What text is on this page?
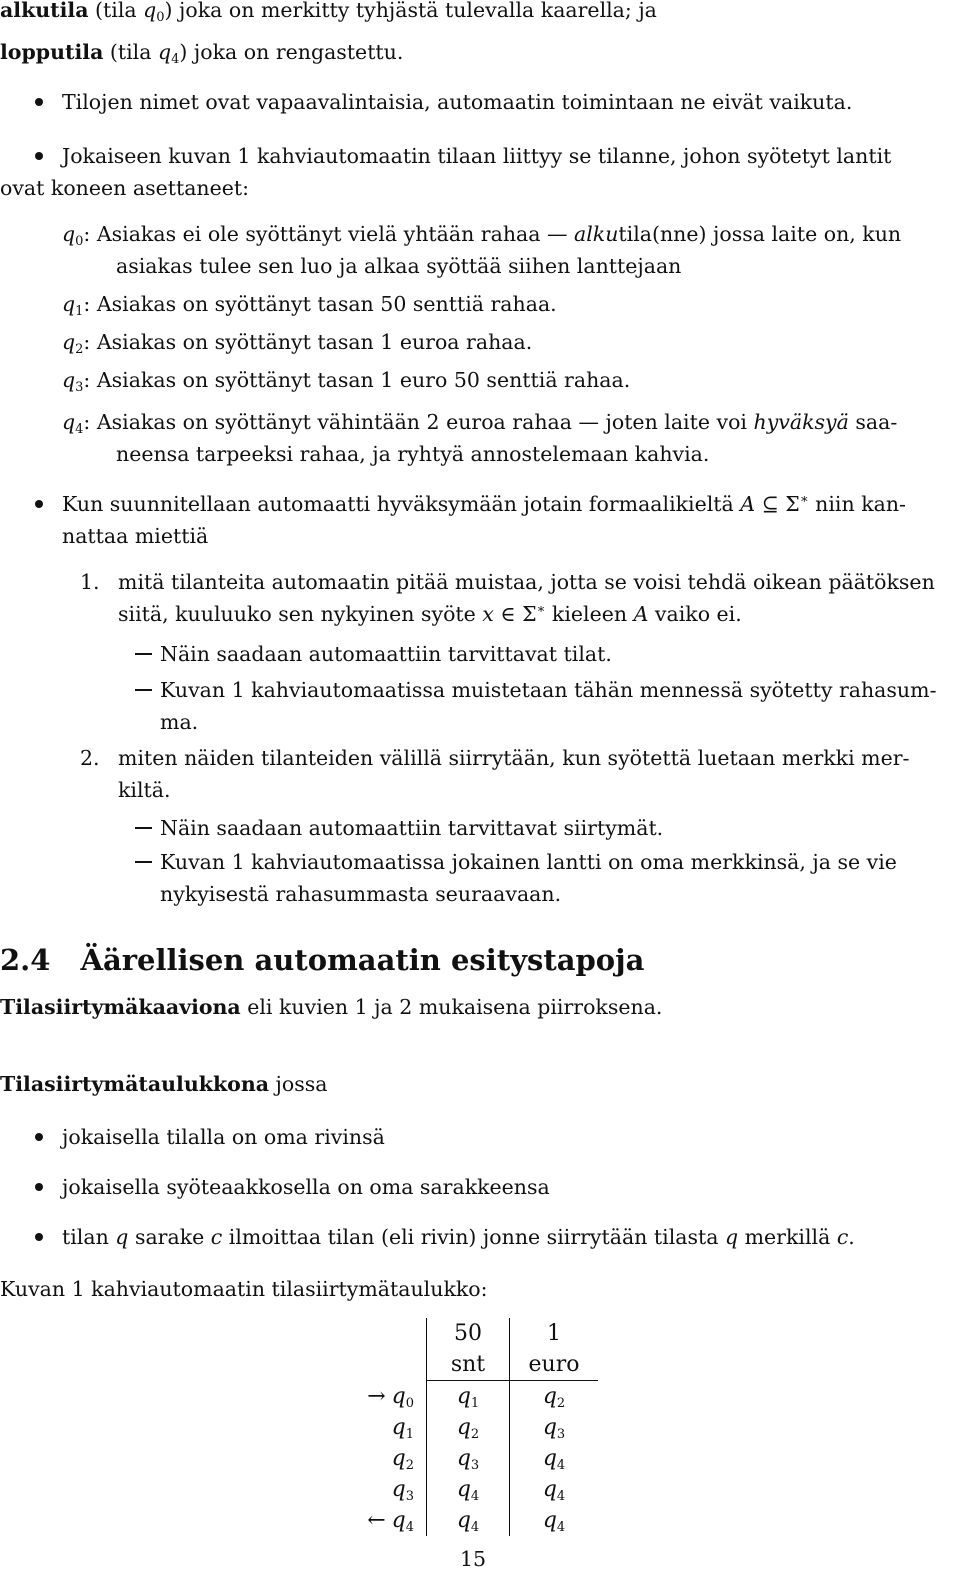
alkutila (tila $q_0$) joka on merkitty tyhjästä tulevalla kaarella; ja
lopputila (tila $q_4$) joka on rengastettu.
Tilojen nimet ovat vapaavalintaisia, automaatin toimintaan ne eivät vaikuta.
Jokaiseen kuvan 1 kahviautomaatin tilaan liittyy se tilanne, johon syötetyt lantit
ovat koneen asettaneet:
$q_0$: Asiakas ei ole syöttänyt vielä yhtään rahaa — alkutila(nne) jossa laite on, kun
asiakas tulee sen luo ja alkaa syöttää siihen lanttejaan
$q_1$: Asiakas on syöttänyt tasan 50 senttiä rahaa.
$q_2$: Asiakas on syöttänyt tasan 1 euroa rahaa.
$q_3$: Asiakas on syöttänyt tasan 1 euro 50 senttiä rahaa.
$q_4$: Asiakas on syöttänyt vähintään 2 euroa rahaa — joten laite voi hyväksyä saa-
neensa tarpeeksi rahaa, ja ryhtyä annostelemaan kahvia.
Kun suunnitellaan automaatti hyväksymään jotain formaalikieltä A ⊆ Σ∗ niin kan-
nattaa miettiä
1. mitä tilanteita automaatin pitää muistaa, jotta se voisi tehdä oikean päätöksen
siitä, kuuluuko sen nykyinen syöte x ∈ Σ∗ kieleen A vaiko ei.
Näin saadaan automaattiin tarvittavat tilat.
Kuvan 1 kahviautomaatissa muistetaan tähän mennessä syötetty rahasum-
ma.
2. miten näiden tilanteiden välillä siirrytään, kun syötettä luetaan merkki mer-
kiltä.
Näin saadaan automaattiin tarvittavat siirtymät.
Kuvan 1 kahviautomaatissa jokainen lantti on oma merkkinsä, ja se vie
nykyisestä rahasummasta seuraavaan.
2.4 Äärellisen automaatin esitystapoja
Tilasiirtymäkaaviona eli kuvien 1 ja 2 mukaisena piirroksena.
Tilasiirtymätaulukkona jossa
jokaisella tilalla on oma rivinsä
jokaisella syöteaakkosella on oma sarakkeensa
tilan q sarake c ilmoittaa tilan (eli rivin) jonne siirrytään tilasta q merkillä c.
Kuvan 1 kahviautomaatin tilasiirtymätaulukko:
	50 snt	1 euro
→ $q_0$	$q_1$	$q_2$
$q_1$	$q_2$	$q_3$
$q_2$	$q_3$	$q_4$
$q_3$	$q_4$	$q_4$
← $q_4$	$q_4$	$q_4$
15
